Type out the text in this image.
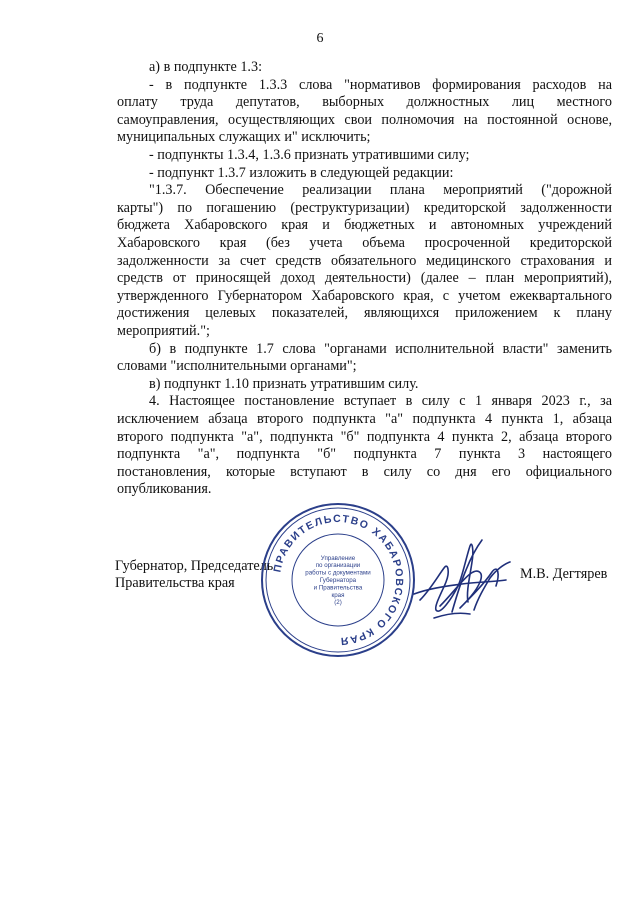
6
а) в подпункте 1.3:
- в подпункте 1.3.3 слова "нормативов формирования расходов на
оплату труда депутатов, выборных должностных лиц местного
самоуправления, осуществляющих свои полномочия на постоянной основе,
муниципальных служащих и" исключить;
- подпункты 1.3.4, 1.3.6 признать утратившими силу;
- подпункт 1.3.7 изложить в следующей редакции:
"1.3.7. Обеспечение реализации плана мероприятий ("дорожной
карты") по погашению (реструктуризации) кредиторской задолженности
бюджета Хабаровского края и бюджетных и автономных учреждений
Хабаровского края (без учета объема просроченной кредиторской
задолженности за счет средств обязательного медицинского страхования и
средств от приносящей доход деятельности) (далее – план мероприятий),
утвержденного Губернатором Хабаровского края, с учетом ежеквартального
достижения целевых показателей, являющихся приложением к плану
мероприятий.";
б) в подпункте 1.7 слова "органами исполнительной власти" заменить
словами "исполнительными органами";
в) подпункт 1.10 признать утратившим силу.
4. Настоящее постановление вступает в силу с 1 января 2023 г., за
исключением абзаца второго подпункта "а" подпункта 4 пункта 1, абзаца
второго подпункта "а", подпункта "б" подпункта 4 пункта 2, абзаца второго
подпункта "а", подпункта "б" подпункта 7 пункта 3 настоящего
постановления, которые вступают в силу со дня его официального
опубликования.
Губернатор, Председатель
Правительства края
ПРАВИТЕЛЬСТВО ХАБАРОВСКОГО КРАЯ
Управление
по организации
работы с документами
Губернатора
и Правительства
края
(2)
М.В. Дегтярев
